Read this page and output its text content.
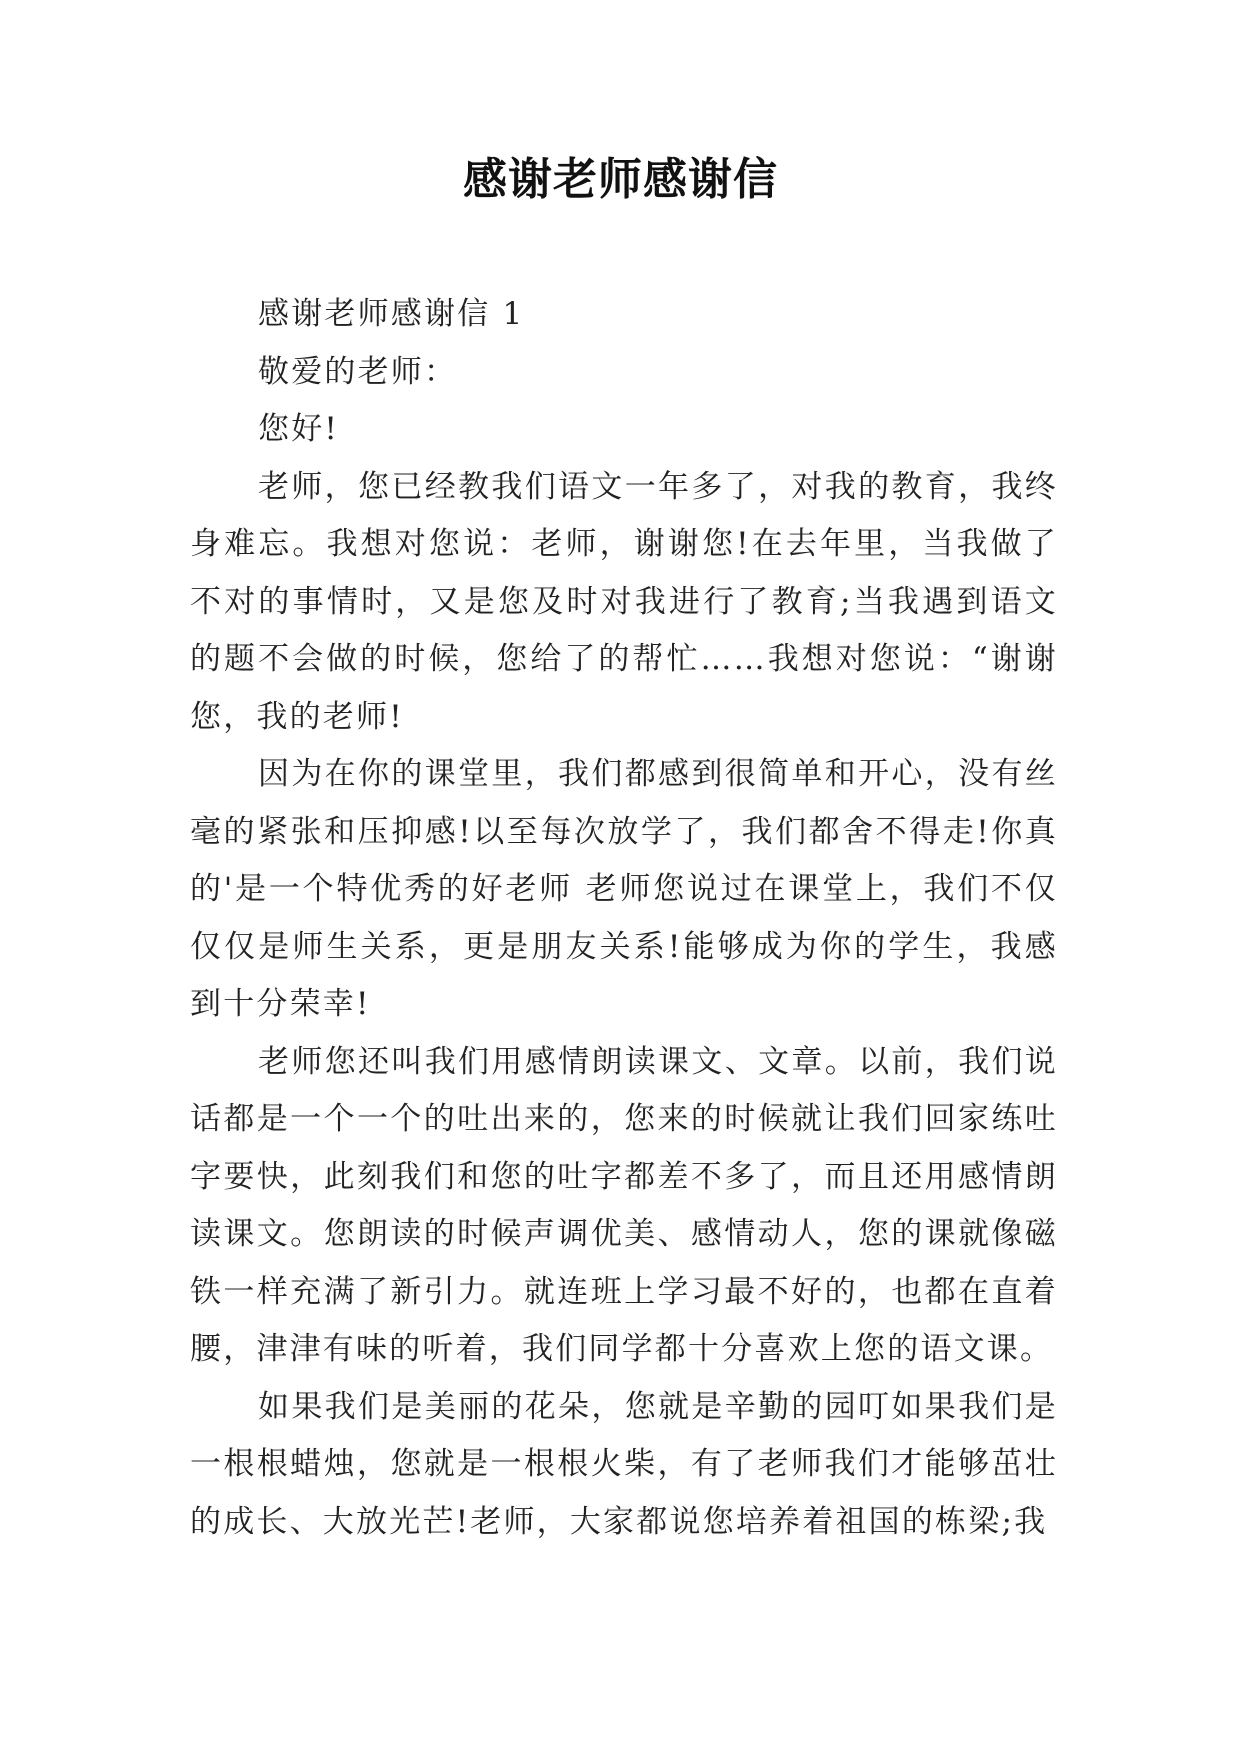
感谢老师感谢信

感谢老师感谢信 1

敬爱的老师：

您好!

老师，您已经教我们语文一年多了，对我的教育，我终身难忘。我想对您说：老师，谢谢您!在去年里，当我做了不对的事情时，又是您及时对我进行了教育;当我遇到语文的题不会做的时候，您给了的帮忙……我想对您说：“谢谢您，我的老师!

因为在你的课堂里，我们都感到很简单和开心，没有丝毫的紧张和压抑感!以至每次放学了，我们都舍不得走!你真的'是一个特优秀的好老师 老师您说过在课堂上，我们不仅仅仅是师生关系，更是朋友关系!能够成为你的学生，我感到十分荣幸!

老师您还叫我们用感情朗读课文、文章。以前，我们说话都是一个一个的吐出来的，您来的时候就让我们回家练吐字要快，此刻我们和您的吐字都差不多了，而且还用感情朗读课文。您朗读的时候声调优美、感情动人，您的课就像磁铁一样充满了新引力。就连班上学习最不好的，也都在直着腰，津津有味的听着，我们同学都十分喜欢上您的语文课。

如果我们是美丽的花朵，您就是辛勤的园叮如果我们是一根根蜡烛，您就是一根根火柴，有了老师我们才能够茁壮的成长、大放光芒!老师，大家都说您培养着祖国的栋梁;我
